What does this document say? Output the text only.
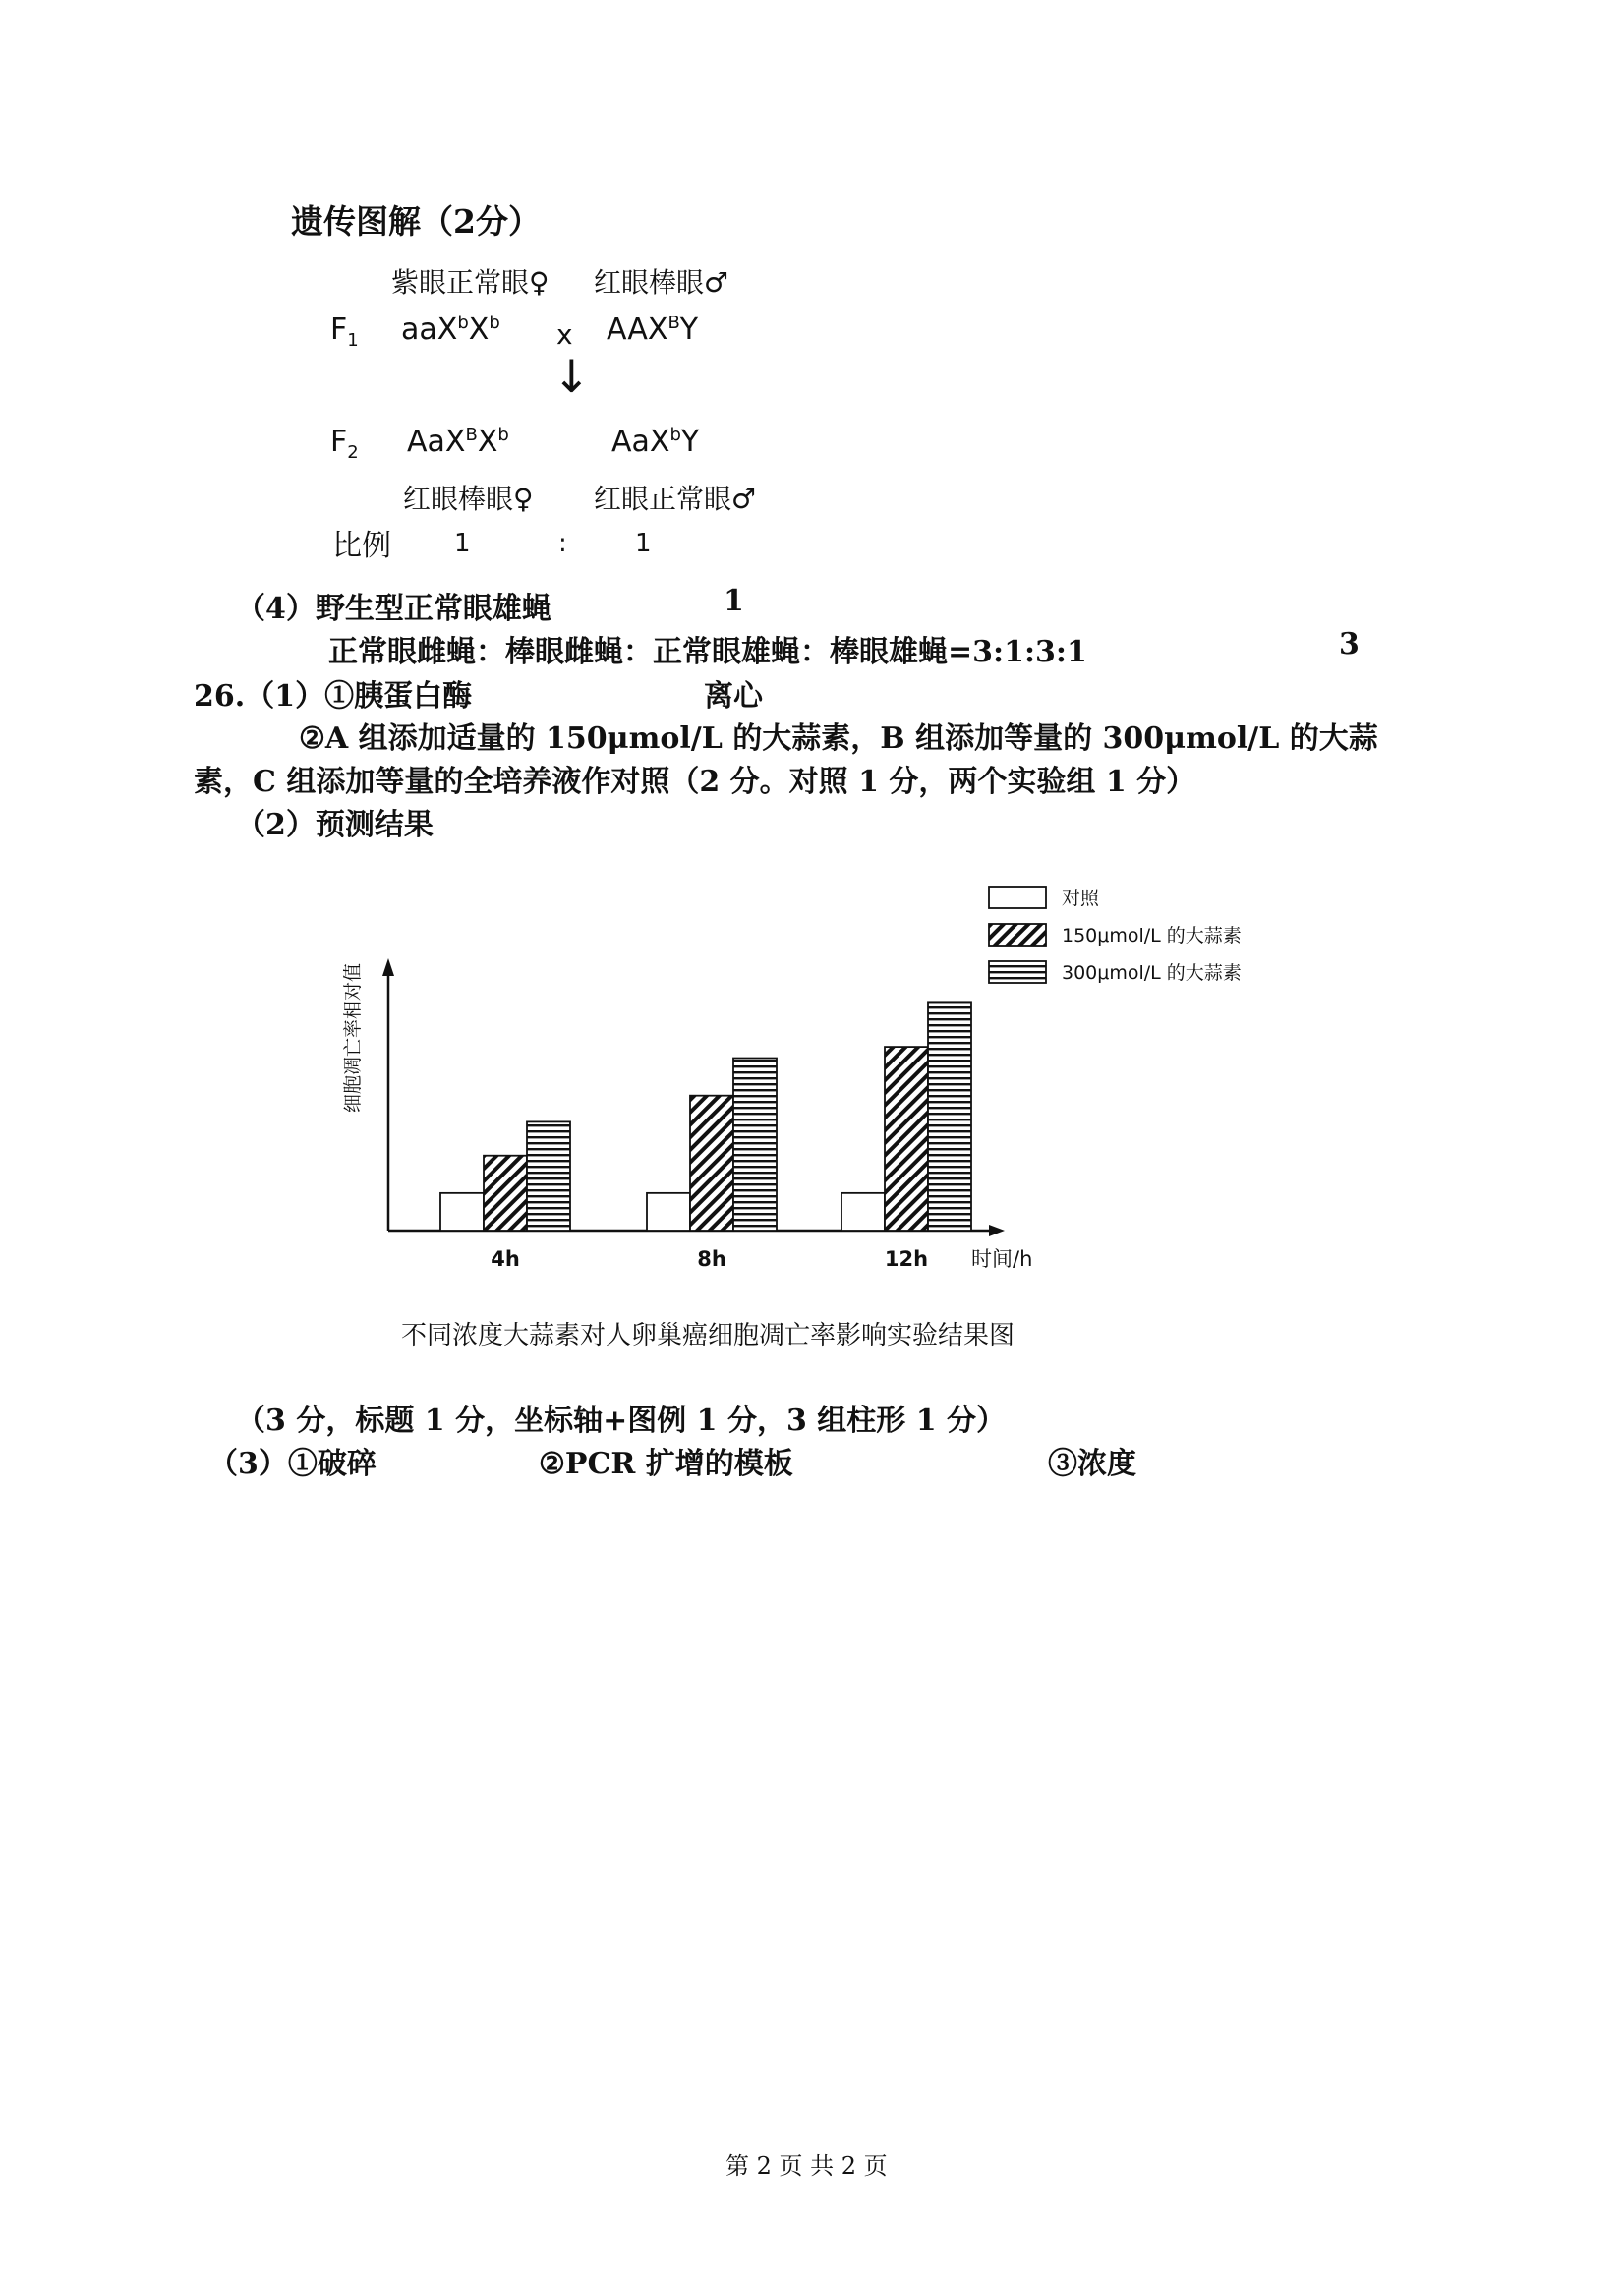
遗传图解（2分）
紫眼正常眼♀ 红眼棒眼♂
$F_1$ $aaX^bX^b$ x $AAX^BY$
↓
$F_2$ $AaX^BX^b$	AaX$^b$Y
红眼棒眼♀ 红眼正常眼♂
比例 1	:	1
（4）野生型正常眼雄蝇	1
正常眼雌蝇：棒眼雌蝇：正常眼雄蝇：棒眼雄蝇=3:1:3:1	3
26.（1）①胰蛋白酶	离心
②A 组添加适量的 150μmol/L 的大蒜素，B 组添加等量的 300μmol/L 的大蒜
素，C 组添加等量的全培养液作对照（2 分。对照 1 分，两个实验组 1 分）
（2）预测结果
4h	8h	12h
对照
150μmol/L 的大蒜素
300μmol/L 的大蒜素
细胞凋亡率相对值
时间/h
不同浓度大蒜素对人卵巢癌细胞凋亡率影响实验结果图
（3 分，标题 1 分，坐标轴+图例 1 分，3 组柱形 1 分）
（3）①破碎	②PCR 扩增的模板	③浓度
第 2 页 共 2 页
